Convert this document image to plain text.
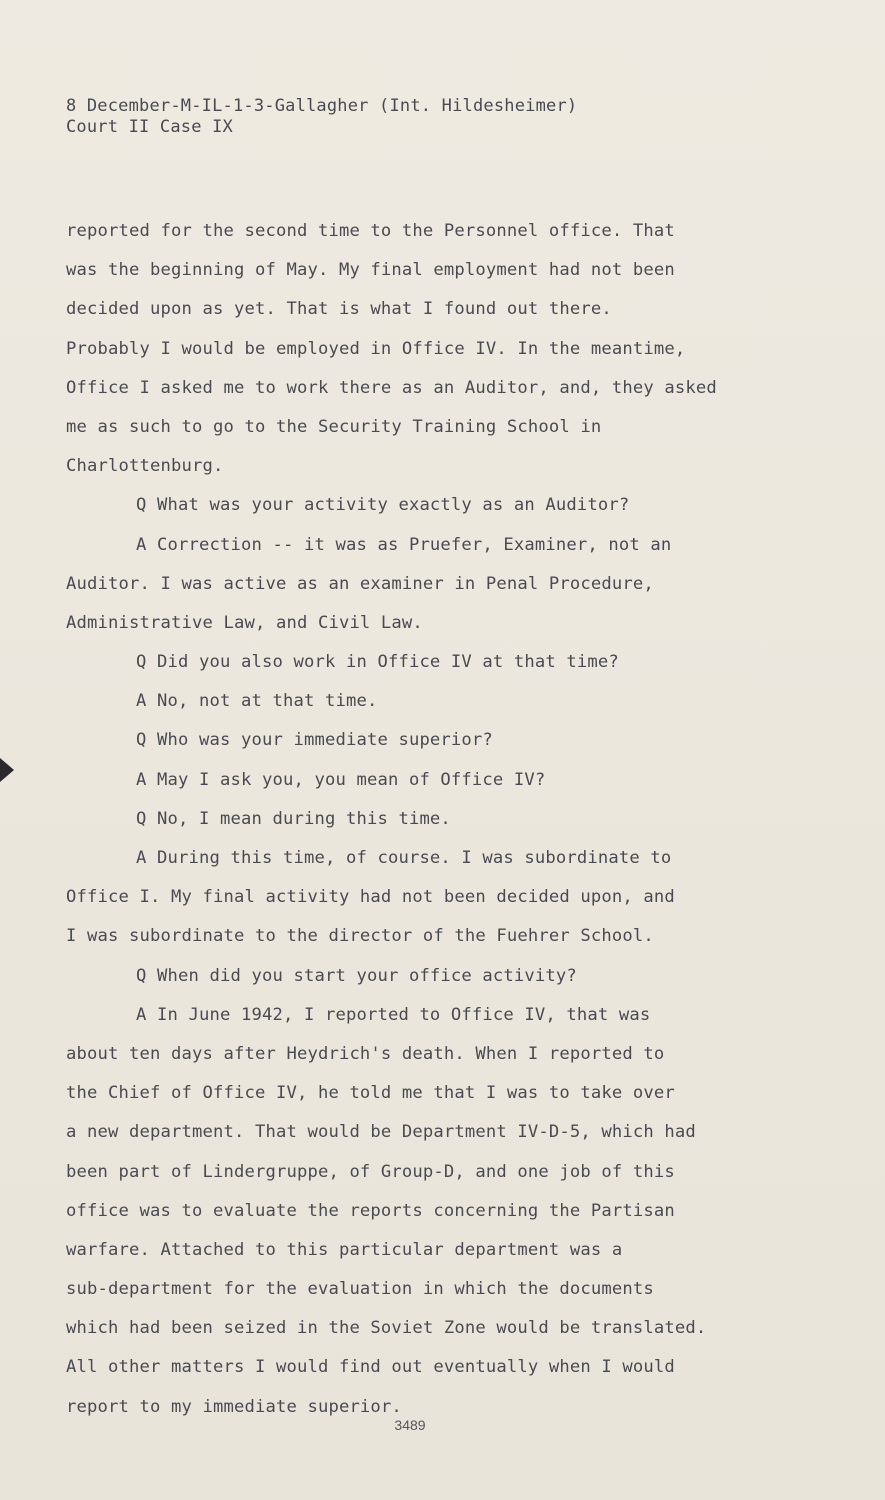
8 December-M-IL-1-3-Gallagher (Int. Hildesheimer)
Court II Case IX
reported for the second time to the Personnel office. That
was the beginning of May. My final employment had not been
decided upon as yet. That is what I found out there.
Probably I would be employed in Office IV. In the meantime,
Office I asked me to work there as an Auditor, and, they asked
me as such to go to the Security Training School in
Charlottenburg.
Q What was your activity exactly as an Auditor?
A Correction -- it was as Pruefer, Examiner, not an
Auditor. I was active as an examiner in Penal Procedure,
Administrative Law, and Civil Law.
Q Did you also work in Office IV at that time?
A No, not at that time.
Q Who was your immediate superior?
A May I ask you, you mean of Office IV?
Q No, I mean during this time.
A During this time, of course. I was subordinate to
Office I. My final activity had not been decided upon, and
I was subordinate to the director of the Fuehrer School.
Q When did you start your office activity?
A In June 1942, I reported to Office IV, that was
about ten days after Heydrich's death. When I reported to
the Chief of Office IV, he told me that I was to take over
a new department. That would be Department IV-D-5, which had
been part of Lindergruppe, of Group-D, and one job of this
office was to evaluate the reports concerning the Partisan
warfare. Attached to this particular department was a
sub-department for the evaluation in which the documents
which had been seized in the Soviet Zone would be translated.
All other matters I would find out eventually when I would
report to my immediate superior.
3489
